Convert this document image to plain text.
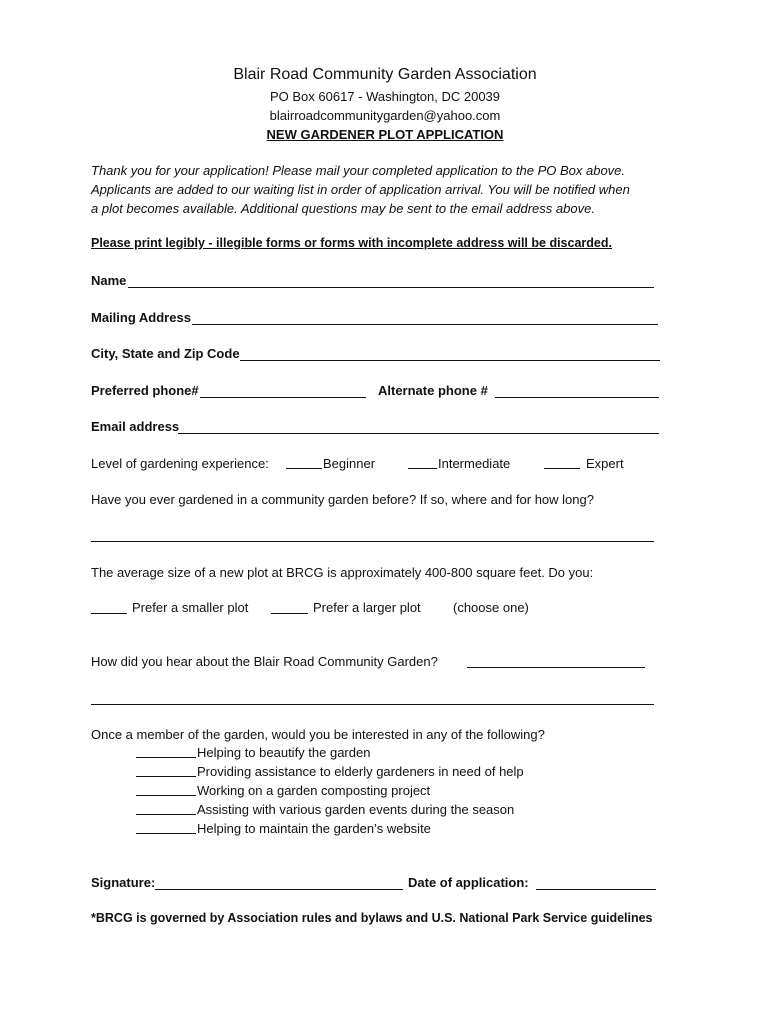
Blair Road Community Garden Association
PO Box 60617 - Washington, DC 20039
blairroadcommunitygarden@yahoo.com
NEW GARDENER PLOT APPLICATION
Thank you for your application! Please mail your completed application to the PO Box above.
Applicants are added to our waiting list in order of application arrival. You will be notified when
a plot becomes available. Additional questions may be sent to the email address above.
Please print legibly - illegible forms or forms with incomplete address will be discarded.
Name
Mailing Address
City, State and Zip Code
Preferred phone#	Alternate phone #
Email address
Level of gardening experience:	Beginner	Intermediate	Expert
Have you ever gardened in a community garden before? If so, where and for how long?
The average size of a new plot at BRCG is approximately 400-800 square feet. Do you:
Prefer a smaller plot	Prefer a larger plot (choose one)
How did you hear about the Blair Road Community Garden?
Once a member of the garden, would you be interested in any of the following?
Helping to beautify the garden
Providing assistance to elderly gardeners in need of help
Working on a garden composting project
Assisting with various garden events during the season
Helping to maintain the garden’s website
Signature:	Date of application:
*BRCG is governed by Association rules and bylaws and U.S. National Park Service guidelines
